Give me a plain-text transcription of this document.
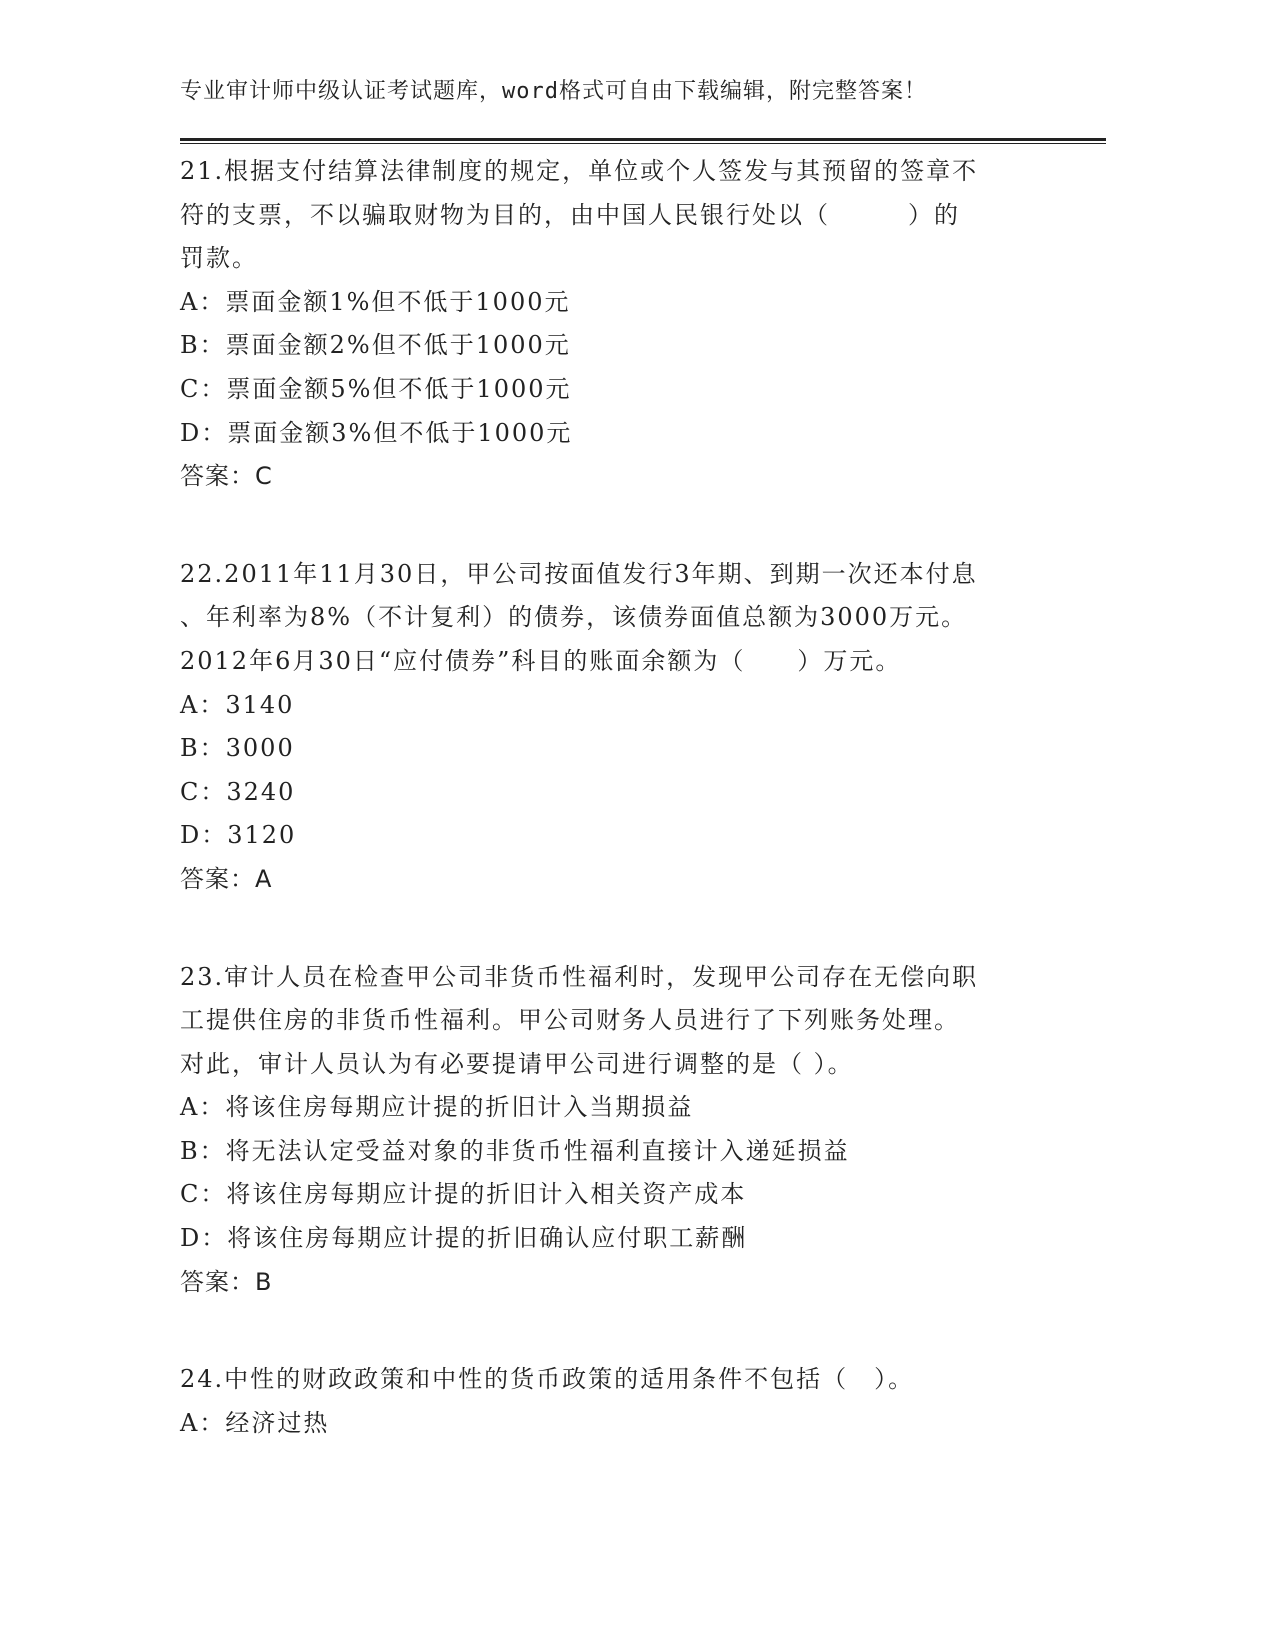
专业审计师中级认证考试题库，word格式可自由下载编辑，附完整答案！

21.根据支付结算法律制度的规定，单位或个人签发与其预留的签章不
符的支票，不以骗取财物为目的，由中国人民银行处以（　　　）的
罚款。

A：票面金额1%但不低于1000元

B：票面金额2%但不低于1000元

C：票面金额5%但不低于1000元

D：票面金额3%但不低于1000元

答案：C

22.2011年11月30日，甲公司按面值发行3年期、到期一次还本付息
、年利率为8%（不计复利）的债券，该债券面值总额为3000万元。
2012年6月30日“应付债券”科目的账面余额为（　　）万元。

A：3140

B：3000

C：3240

D：3120

答案：A

23.审计人员在检查甲公司非货币性福利时，发现甲公司存在无偿向职
工提供住房的非货币性福利。甲公司财务人员进行了下列账务处理。
对此，审计人员认为有必要提请甲公司进行调整的是（ ）。

A：将该住房每期应计提的折旧计入当期损益

B：将无法认定受益对象的非货币性福利直接计入递延损益

C：将该住房每期应计提的折旧计入相关资产成本

D：将该住房每期应计提的折旧确认应付职工薪酬

答案：B

24.中性的财政政策和中性的货币政策的适用条件不包括（　）。

A：经济过热
